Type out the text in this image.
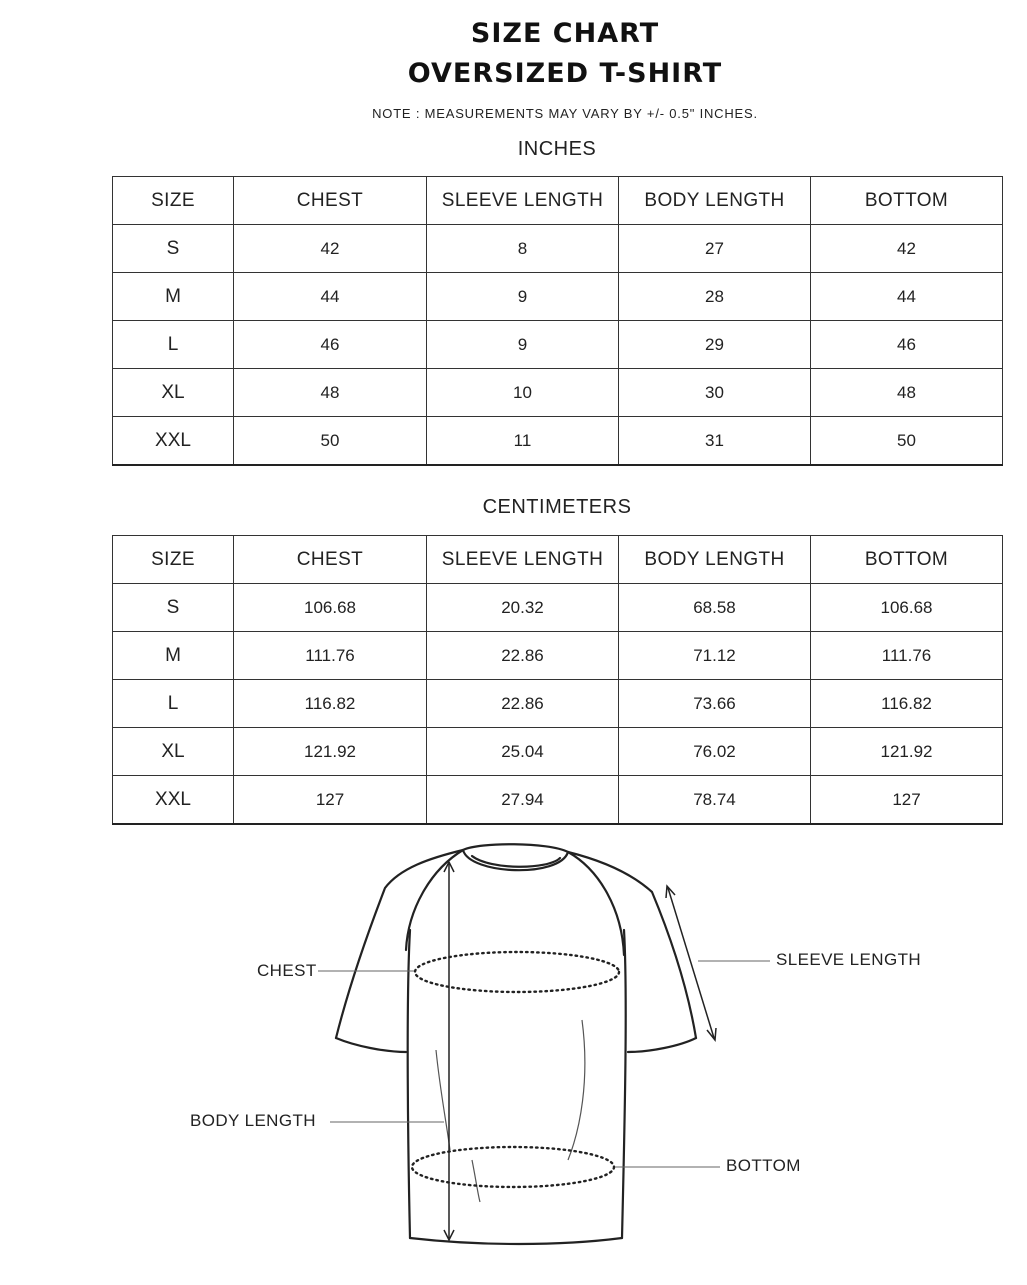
SIZE CHART
OVERSIZED T-SHIRT
NOTE : MEASUREMENTS MAY VARY BY +/- 0.5" INCHES.
INCHES
SIZE	CHEST	SLEEVE LENGTH	BODY LENGTH	BOTTOM
S	42	8	27	42
M	44	9	28	44
L	46	9	29	46
XL	48	10	30	48
XXL	50	11	31	50
CENTIMETERS
SIZE	CHEST	SLEEVE LENGTH	BODY LENGTH	BOTTOM
S	106.68	20.32	68.58	106.68
M	111.76	22.86	71.12	111.76
L	116.82	22.86	73.66	116.82
XL	121.92	25.04	76.02	121.92
XXL	127	27.94	78.74	127
CHEST
SLEEVE LENGTH
BODY LENGTH
BOTTOM
